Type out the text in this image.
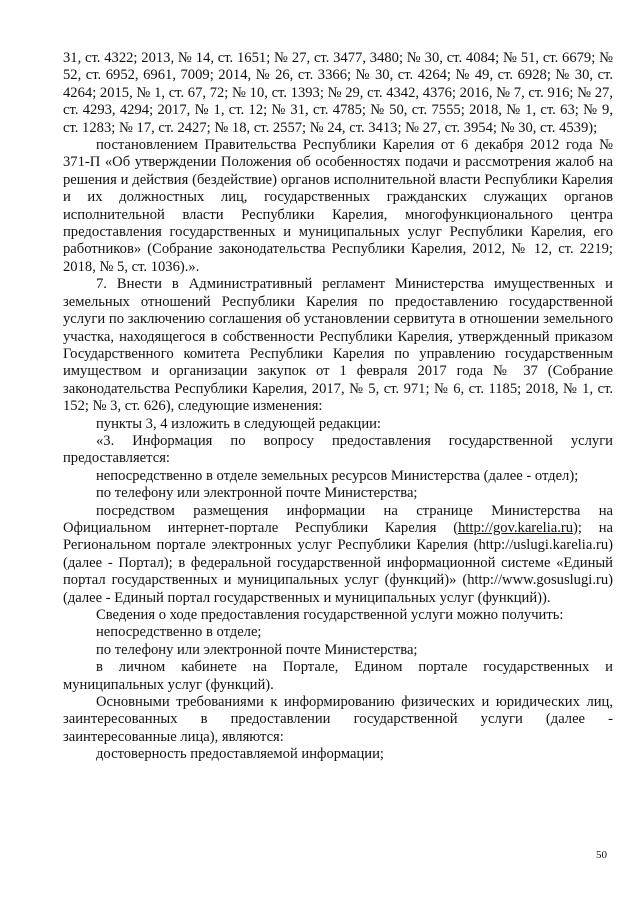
31, ст. 4322; 2013, № 14, ст. 1651; № 27, ст. 3477, 3480; № 30, ст. 4084; № 51, ст. 6679; № 52, ст. 6952, 6961, 7009; 2014, № 26, ст. 3366; № 30, ст. 4264; № 49, ст. 6928; № 30, ст. 4264; 2015, № 1, ст. 67, 72; № 10, ст. 1393; № 29, ст. 4342, 4376; 2016, № 7, ст. 916; № 27, ст. 4293, 4294; 2017, № 1, ст. 12; № 31, ст. 4785; № 50, ст. 7555; 2018, № 1, ст. 63; № 9, ст. 1283; № 17, ст. 2427; № 18, ст. 2557; № 24, ст. 3413; № 27, ст. 3954; № 30, ст. 4539);

постановлением Правительства Республики Карелия от 6 декабря 2012 года № 371-П «Об утверждении Положения об особенностях подачи и рассмотрения жалоб на решения и действия (бездействие) органов исполнительной власти Республики Карелия и их должностных лиц, государственных гражданских служащих органов исполнительной власти Республики Карелия, многофункционального центра предоставления государственных и муниципальных услуг Республики Карелия, его работников» (Собрание законодательства Республики Карелия, 2012, № 12, ст. 2219; 2018, № 5, ст. 1036).».

7. Внести в Административный регламент Министерства имущественных и земельных отношений Республики Карелия по предоставлению государственной услуги по заключению соглашения об установлении сервитута в отношении земельного участка, находящегося в собственности Республики Карелия, утвержденный приказом Государственного комитета Республики Карелия по управлению государственным имуществом и организации закупок от 1 февраля 2017 года № 37 (Собрание законодательства Республики Карелия, 2017, № 5, ст. 971; № 6, ст. 1185; 2018, № 1, ст. 152; № 3, ст. 626), следующие изменения:

пункты 3, 4 изложить в следующей редакции:

«3. Информация по вопросу предоставления государственной услуги предоставляется:

непосредственно в отделе земельных ресурсов Министерства (далее - отдел);

по телефону или электронной почте Министерства;

посредством размещения информации на странице Министерства на Официальном интернет-портале Республики Карелия (http://gov.karelia.ru); на Региональном портале электронных услуг Республики Карелия (http://uslugi.karelia.ru) (далее - Портал); в федеральной государственной информационной системе «Единый портал государственных и муниципальных услуг (функций)» (http://www.gosuslugi.ru) (далее - Единый портал государственных и муниципальных услуг (функций)).

Сведения о ходе предоставления государственной услуги можно получить:

непосредственно в отделе;

по телефону или электронной почте Министерства;

в личном кабинете на Портале, Едином портале государственных и муниципальных услуг (функций).

Основными требованиями к информированию физических и юридических лиц, заинтересованных в предоставлении государственной услуги (далее - заинтересованные лица), являются:

достоверность предоставляемой информации;

50
